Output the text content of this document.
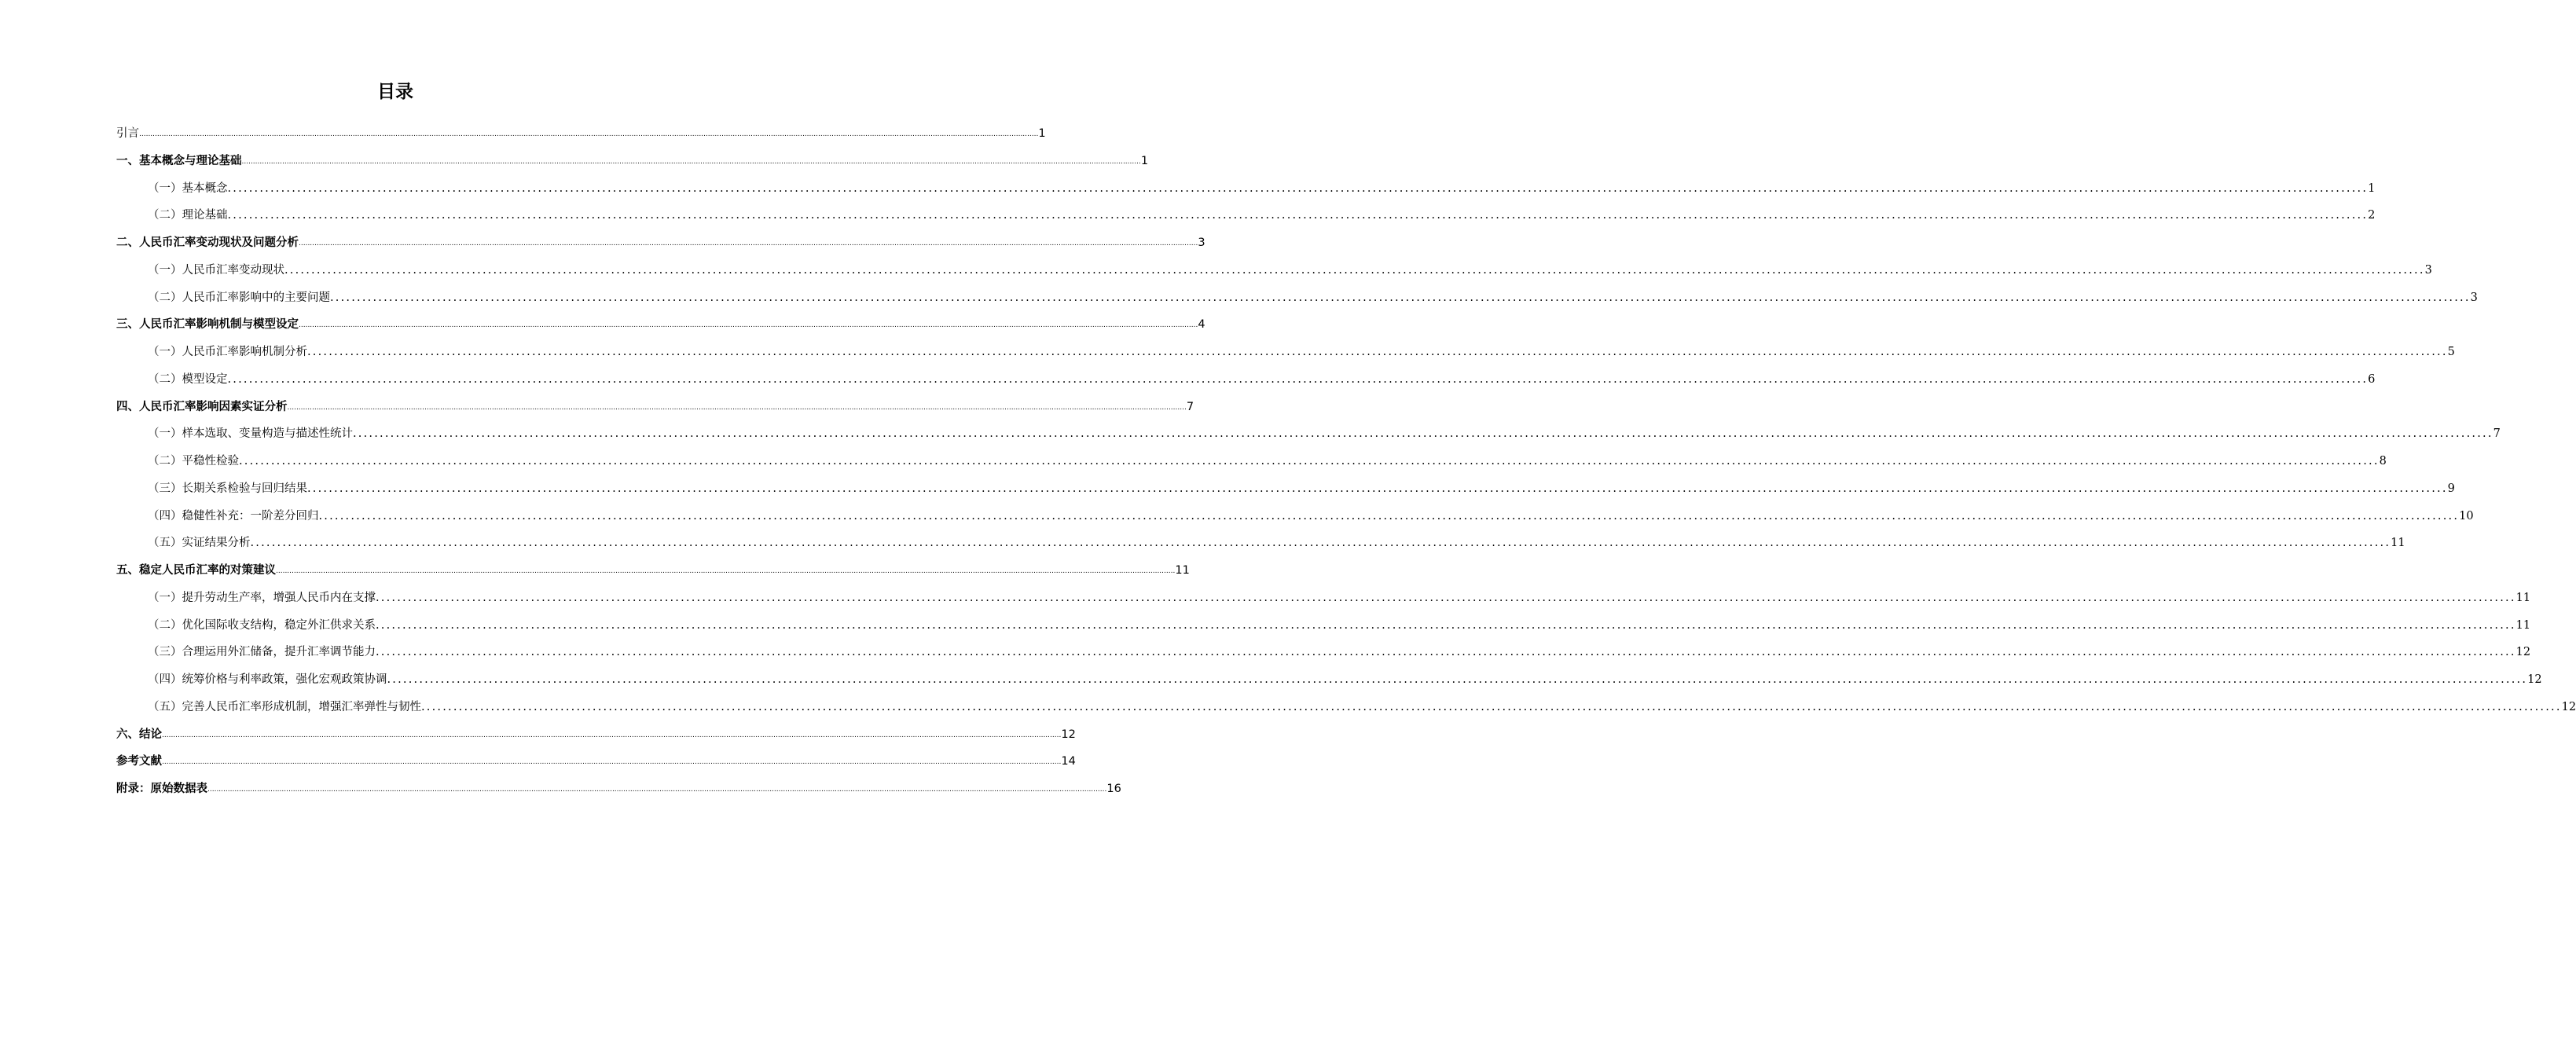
目录
引言 ................................................................................................................................................................................................................................................................................................................................................................................................................ 1
一、基本概念与理论基础 ................................................................................................................................................................................................................................................................................................................................................................................................................ 1
（一）基本概念 ................................................................................................................................................................................................................................................................................................................................................................................................................ 1
（二）理论基础 ................................................................................................................................................................................................................................................................................................................................................................................................................ 2
二、人民币汇率变动现状及问题分析 ................................................................................................................................................................................................................................................................................................................................................................................................................ 3
（一）人民币汇率变动现状 ................................................................................................................................................................................................................................................................................................................................................................................................................ 3
（二）人民币汇率影响中的主要问题 ................................................................................................................................................................................................................................................................................................................................................................................................................ 3
三、人民币汇率影响机制与模型设定 ................................................................................................................................................................................................................................................................................................................................................................................................................ 4
（一）人民币汇率影响机制分析 ................................................................................................................................................................................................................................................................................................................................................................................................................ 5
（二）模型设定 ................................................................................................................................................................................................................................................................................................................................................................................................................ 6
四、人民币汇率影响因素实证分析 ................................................................................................................................................................................................................................................................................................................................................................................................................ 7
（一）样本选取、变量构造与描述性统计 ................................................................................................................................................................................................................................................................................................................................................................................................................ 7
（二）平稳性检验 ................................................................................................................................................................................................................................................................................................................................................................................................................ 8
（三）长期关系检验与回归结果 ................................................................................................................................................................................................................................................................................................................................................................................................................ 9
（四）稳健性补充：一阶差分回归 ................................................................................................................................................................................................................................................................................................................................................................................................................ 10
（五）实证结果分析 ................................................................................................................................................................................................................................................................................................................................................................................................................ 11
五、稳定人民币汇率的对策建议 ................................................................................................................................................................................................................................................................................................................................................................................................................ 11
（一）提升劳动生产率，增强人民币内在支撑 ................................................................................................................................................................................................................................................................................................................................................................................................................ 11
（二）优化国际收支结构，稳定外汇供求关系 ................................................................................................................................................................................................................................................................................................................................................................................................................ 11
（三）合理运用外汇储备，提升汇率调节能力 ................................................................................................................................................................................................................................................................................................................................................................................................................ 12
（四）统筹价格与利率政策，强化宏观政策协调 ................................................................................................................................................................................................................................................................................................................................................................................................................ 12
（五）完善人民币汇率形成机制，增强汇率弹性与韧性 ................................................................................................................................................................................................................................................................................................................................................................................................................ 12
六、结论 ................................................................................................................................................................................................................................................................................................................................................................................................................ 12
参考文献 ................................................................................................................................................................................................................................................................................................................................................................................................................ 14
附录：原始数据表 ................................................................................................................................................................................................................................................................................................................................................................................................................ 16
